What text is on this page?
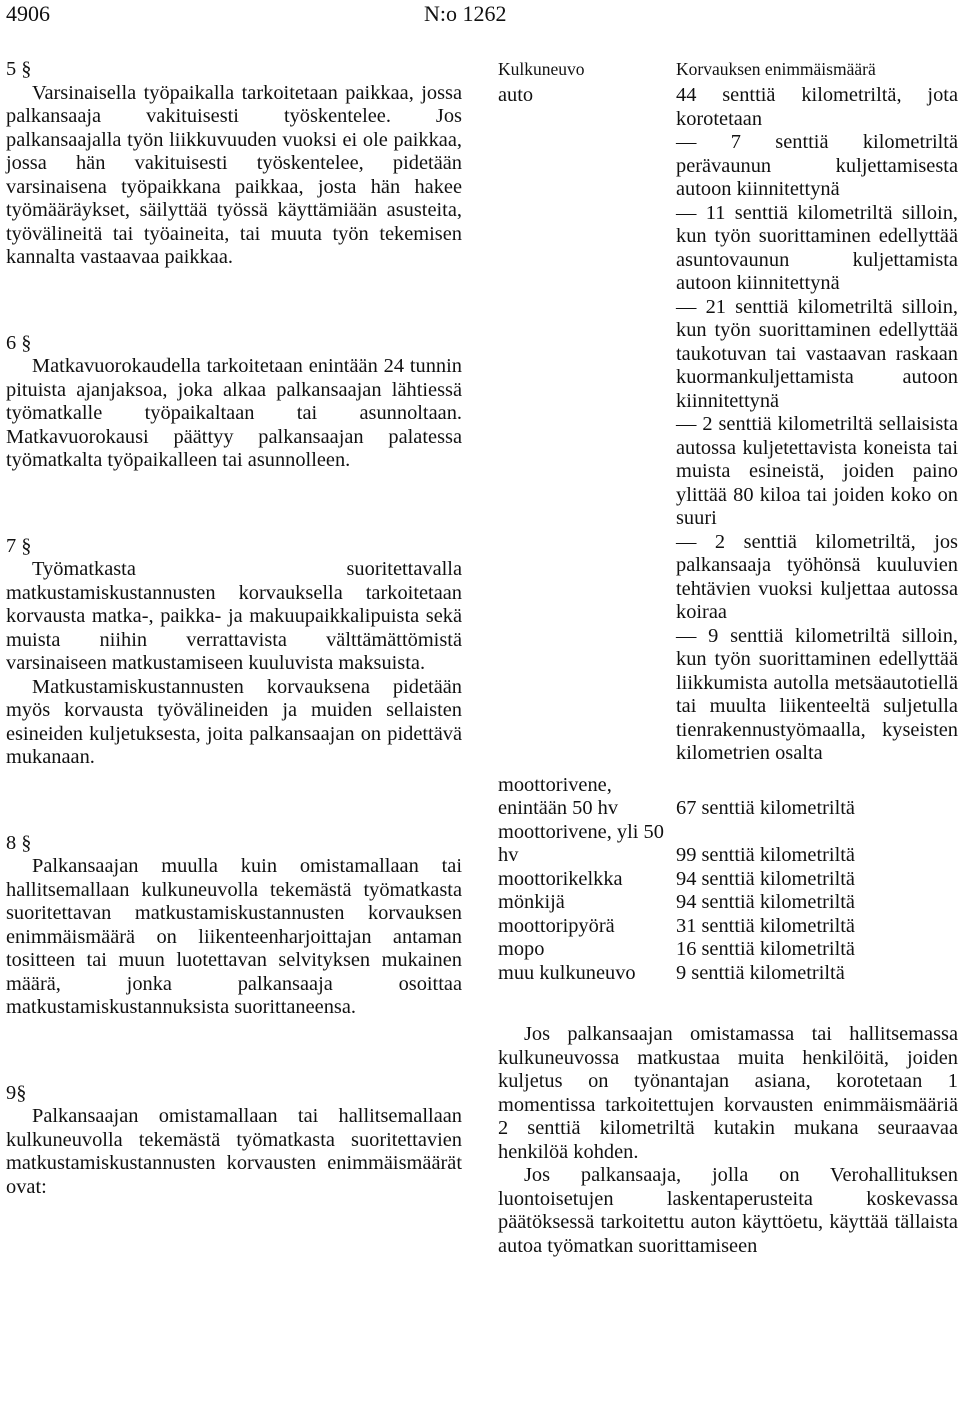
4906	N:o 1262

5 §

Varsinaisella työpaikalla tarkoitetaan paikkaa, jossa palkansaaja vakituisesti työskentelee. Jos palkansaajalla työn liikkuvuuden vuoksi ei ole paikkaa, jossa hän vakituisesti työskentelee, pidetään varsinaisena työpaikkana paikkaa, josta hän hakee työmääräykset, säilyttää työssä käyttämiään asusteita, työvälineitä tai työaineita, tai muuta työn tekemisen kannalta vastaavaa paikkaa.

6 §

Matkavuorokaudella tarkoitetaan enintään 24 tunnin pituista ajanjaksoa, joka alkaa palkansaajan lähtiessä työmatkalle työpaikaltaan tai asunnoltaan. Matkavuorokausi päättyy palkansaajan palatessa työmatkalta työpaikalleen tai asunnolleen.

7 §

Työmatkasta suoritettavalla matkustamiskustannusten korvauksella tarkoitetaan korvausta matka-, paikka- ja makuupaikkalipuista sekä muista niihin verrattavista välttämättömistä varsinaiseen matkustamiseen kuuluvista maksuista.

Matkustamiskustannusten korvauksena pidetään myös korvausta työvälineiden ja muiden sellaisten esineiden kuljetuksesta, joita palkansaajan on pidettävä mukanaan.

8 §

Palkansaajan muulla kuin omistamallaan tai hallitsemallaan kulkuneuvolla tekemästä työmatkasta suoritettavan matkustamiskustannusten korvauksen enimmäismäärä on liikenteenharjoittajan antaman tositteen tai muun luotettavan selvityksen mukainen määrä, jonka palkansaaja osoittaa matkustamiskustannuksista suorittaneensa.

9§

Palkansaajan omistamallaan tai hallitsemallaan kulkuneuvolla tekemästä työmatkasta suoritettavien matkustamiskustannusten korvausten enimmäismäärät ovat:

Kulkuneuvo	Korvauksen enimmäismäärä
auto	44 senttiä kilometriltä, jota korotetaan
— 7 senttiä kilometriltä perävaunun kuljettamisesta autoon kiinnitettynä
— 11 senttiä kilometriltä silloin, kun työn suorittaminen edellyttää asuntovaunun kuljettamista autoon kiinnitettynä
— 21 senttiä kilometriltä silloin, kun työn suorittaminen edellyttää taukotuvan tai vastaavan raskaan kuormankuljettamista autoon kiinnitettynä
— 2 senttiä kilometriltä sellaisista autossa kuljetettavista koneista tai muista esineistä, joiden paino ylittää 80 kiloa tai joiden koko on suuri
— 2 senttiä kilometriltä, jos palkansaaja työhönsä kuuluvien tehtävien vuoksi kuljettaa autossa koiraa
— 9 senttiä kilometriltä silloin, kun työn suorittaminen edellyttää liikkumista autolla metsäautotiellä tai muulta liikenteeltä suljetulla tienrakennustyömaalla, kyseisten kilometrien osalta
moottorivene, enintään 50 hv	67 senttiä kilometriltä
moottorivene, yli 50 hv	99 senttiä kilometriltä
moottorikelkka	94 senttiä kilometriltä
mönkijä	94 senttiä kilometriltä
moottoripyörä	31 senttiä kilometriltä
mopo	16 senttiä kilometriltä
muu kulkuneuvo	9 senttiä kilometriltä

Jos palkansaajan omistamassa tai hallitsemassa kulkuneuvossa matkustaa muita henkilöitä, joiden kuljetus on työnantajan asiana, korotetaan 1 momentissa tarkoitettujen korvausten enimmäismääriä 2 senttiä kilometriltä kutakin mukana seuraavaa henkilöä kohden.

Jos palkansaaja, jolla on Verohallituksen luontoisetujen laskentaperusteita koskevassa päätöksessä tarkoitettu auton käyttöetu, käyttää tällaista autoa työmatkan suorittamiseen
